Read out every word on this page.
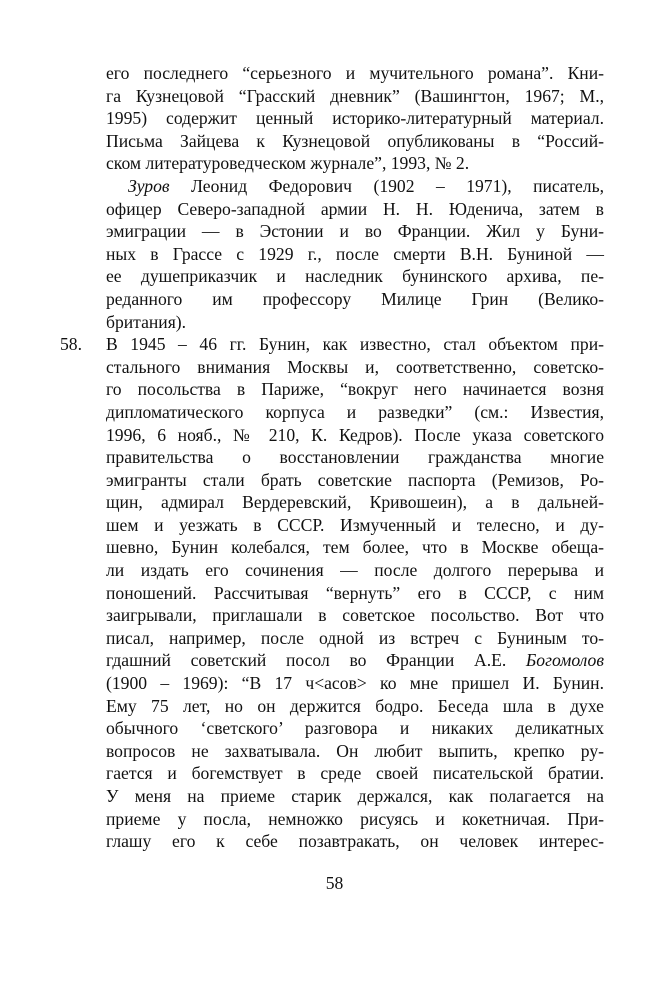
его последнего “серьезного и мучительного романа”. Кни-
га Кузнецовой “Грасский дневник” (Вашингтон, 1967; М.,
1995) содержит ценный историко-литературный материал.
Письма Зайцева к Кузнецовой опубликованы в “Россий-
ском литературоведческом журнале”, 1993, № 2.
Зуров Леонид Федорович (1902 – 1971), писатель,
офицер Северо-западной армии Н. Н. Юденича, затем в
эмиграции — в Эстонии и во Франции. Жил у Буни-
ных в Грассе с 1929 г., после смерти В.Н. Буниной —
ее душеприказчик и наследник бунинского архива, пе-
реданного им профессору Милице Грин (Велико-
британия).
58. В 1945 – 46 гг. Бунин, как известно, стал объектом при-
стального внимания Москвы и, соответственно, советско-
го посольства в Париже, “вокруг него начинается возня
дипломатического корпуса и разведки” (см.: Известия,
1996, 6 нояб., № 210, К. Кедров). После указа советского
правительства о восстановлении гражданства многие
эмигранты стали брать советские паспорта (Ремизов, Ро-
щин, адмирал Вердеревский, Кривошеин), а в дальней-
шем и уезжать в СССР. Измученный и телесно, и ду-
шевно, Бунин колебался, тем более, что в Москве обеща-
ли издать его сочинения — после долгого перерыва и
поношений. Рассчитывая “вернуть” его в СССР, с ним
заигрывали, приглашали в советское посольство. Вот что
писал, например, после одной из встреч с Буниным то-
гдашний советский посол во Франции А.Е. Богомолов
(1900 – 1969): “В 17 ч<асов> ко мне пришел И. Бунин.
Ему 75 лет, но он держится бодро. Беседа шла в духе
обычного ‘светского’ разговора и никаких деликатных
вопросов не захватывала. Он любит выпить, крепко ру-
гается и богемствует в среде своей писательской братии.
У меня на приеме старик держался, как полагается на
приеме у посла, немножко рисуясь и кокетничая. При-
глашу его к себе позавтракать, он человек интерес-
58
